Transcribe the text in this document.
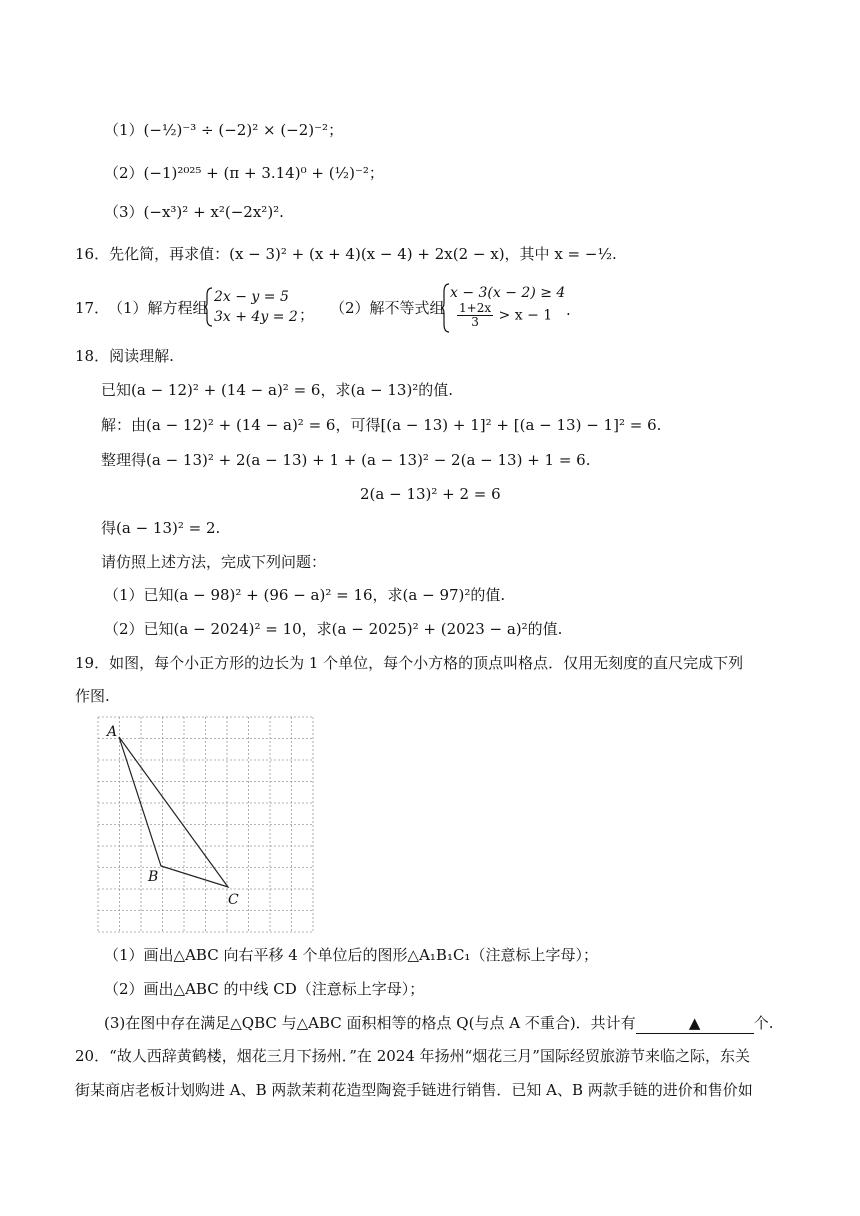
（1）(−½)⁻³ ÷ (−2)² × (−2)⁻²；
（2）(−1)²⁰²⁵ + (π + 3.14)⁰ + (½)⁻²；
（3）(−x³)² + x²(−2x²)².
16．先化简，再求值：(x − 3)² + (x + 4)(x − 4) + 2x(2 − x)，其中 x = −½.
17．
（1）解方程组
2x − y = 5
3x + 4y = 2 ； （2）解不等式组
x − 3(x − 2) ≥ 4
$\frac{1+2x}{3} > x - 1$ .
18．阅读理解.
已知(a − 12)² + (14 − a)² = 6，求(a − 13)²的值.
解：由(a − 12)² + (14 − a)² = 6，可得[(a − 13) + 1]² + [(a − 13) − 1]² = 6.
整理得(a − 13)² + 2(a − 13) + 1 + (a − 13)² − 2(a − 13) + 1 = 6.
2(a − 13)² + 2 = 6
得(a − 13)² = 2.
请仿照上述方法，完成下列问题：
（1）已知(a − 98)² + (96 − a)² = 16，求(a − 97)²的值.
（2）已知(a − 2024)² = 10，求(a − 2025)² + (2023 − a)²的值.
19．如图，每个小正方形的边长为 1 个单位，每个小方格的顶点叫格点．仅用无刻度的直尺完成下列
作图.
A
B
C
（1）画出△ABC 向右平移 4 个单位后的图形△A₁B₁C₁（注意标上字母）；
（2）画出△ABC 的中线 CD（注意标上字母）；
(3)在图中存在满足△QBC 与△ABC 面积相等的格点 Q(与点 A 不重合)．共计有	▲	个.
20．“故人西辞黄鹤楼，烟花三月下扬州．”在 2024 年扬州“烟花三月”国际经贸旅游节来临之际，东关
街某商店老板计划购进 A、B 两款茉莉花造型陶瓷手链进行销售．已知 A、B 两款手链的进价和售价如
